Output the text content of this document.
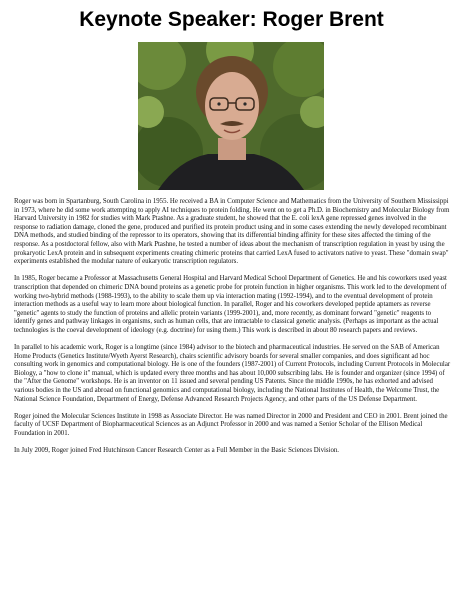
Keynote Speaker: Roger Brent

Roger was born in Spartanburg, South Carolina in 1955. He received a BA in Computer Science and Mathematics from the University of Southern Mississippi in 1973, where he did some work attempting to apply AI techniques to protein folding. He went on to get a Ph.D. in Biochemistry and Molecular Biology from Harvard University in 1982 for studies with Mark Ptashne. As a graduate student, he showed that the E. coli lexA gene repressed genes involved in the response to radiation damage, cloned the gene, produced and purified its protein product using and in some cases extending the newly developed recombinant DNA methods, and studied binding of the repressor to its operators, showing that its differential binding affinity for these sites affected the timing of the response. As a postdoctoral fellow, also with Mark Ptashne, he tested a number of ideas about the mechanism of transcription regulation in yeast by using the prokaryotic LexA protein and in subsequent experiments creating chimeric proteins that carried LexA fused to activators native to yeast. These "domain swap" experiments established the modular nature of eukaryotic transcription regulators.

In 1985, Roger became a Professor at Massachusetts General Hospital and Harvard Medical School Department of Genetics. He and his coworkers used yeast transcription that depended on chimeric DNA bound proteins as a genetic probe for protein function in higher organisms. This work led to the development of working two-hybrid methods (1988-1993), to the ability to scale them up via interaction mating (1992-1994), and to the eventual development of protein interaction methods as a useful way to learn more about biological function. In parallel, Roger and his coworkers developed peptide aptamers as reverse "genetic" agents to study the function of proteins and allelic protein variants (1999-2001), and, more recently, as dominant forward "genetic" reagents to identify genes and pathway linkages in organisms, such as human cells, that are intractable to classical genetic analysis. (Perhaps as important as the actual technologies is the coeval development of ideology (e.g. doctrine) for using them.) This work is described in about 80 research papers and reviews.

In parallel to his academic work, Roger is a longtime (since 1984) advisor to the biotech and pharmaceutical industries. He served on the SAB of American Home Products (Genetics Institute/Wyeth Ayerst Research), chairs scientific advisory boards for several smaller companies, and does significant ad hoc consulting work in genomics and computational biology. He is one of the founders (1987-2001) of Current Protocols, including Current Protocols in Molecular Biology, a "how to clone it" manual, which is updated every three months and has about 10,000 subscribing labs. He is founder and organizer (since 1994) of the "After the Genome" workshops. He is an inventor on 11 issued and several pending US Patents. Since the middle 1990s, he has exhorted and advised various bodies in the US and abroad on functional genomics and computational biology, including the National Institutes of Health, the Welcome Trust, the National Science Foundation, Department of Energy, Defense Advanced Research Projects Agency, and other parts of the US Defense Department.

Roger joined the Molecular Sciences Institute in 1998 as Associate Director. He was named Director in 2000 and President and CEO in 2001. Brent joined the faculty of UCSF Department of Biopharmaceutical Sciences as an Adjunct Professor in 2000 and was named a Senior Scholar of the Ellison Medical Foundation in 2001.

In July 2009, Roger joined Fred Hutchinson Cancer Research Center as a Full Member in the Basic Sciences Division.
